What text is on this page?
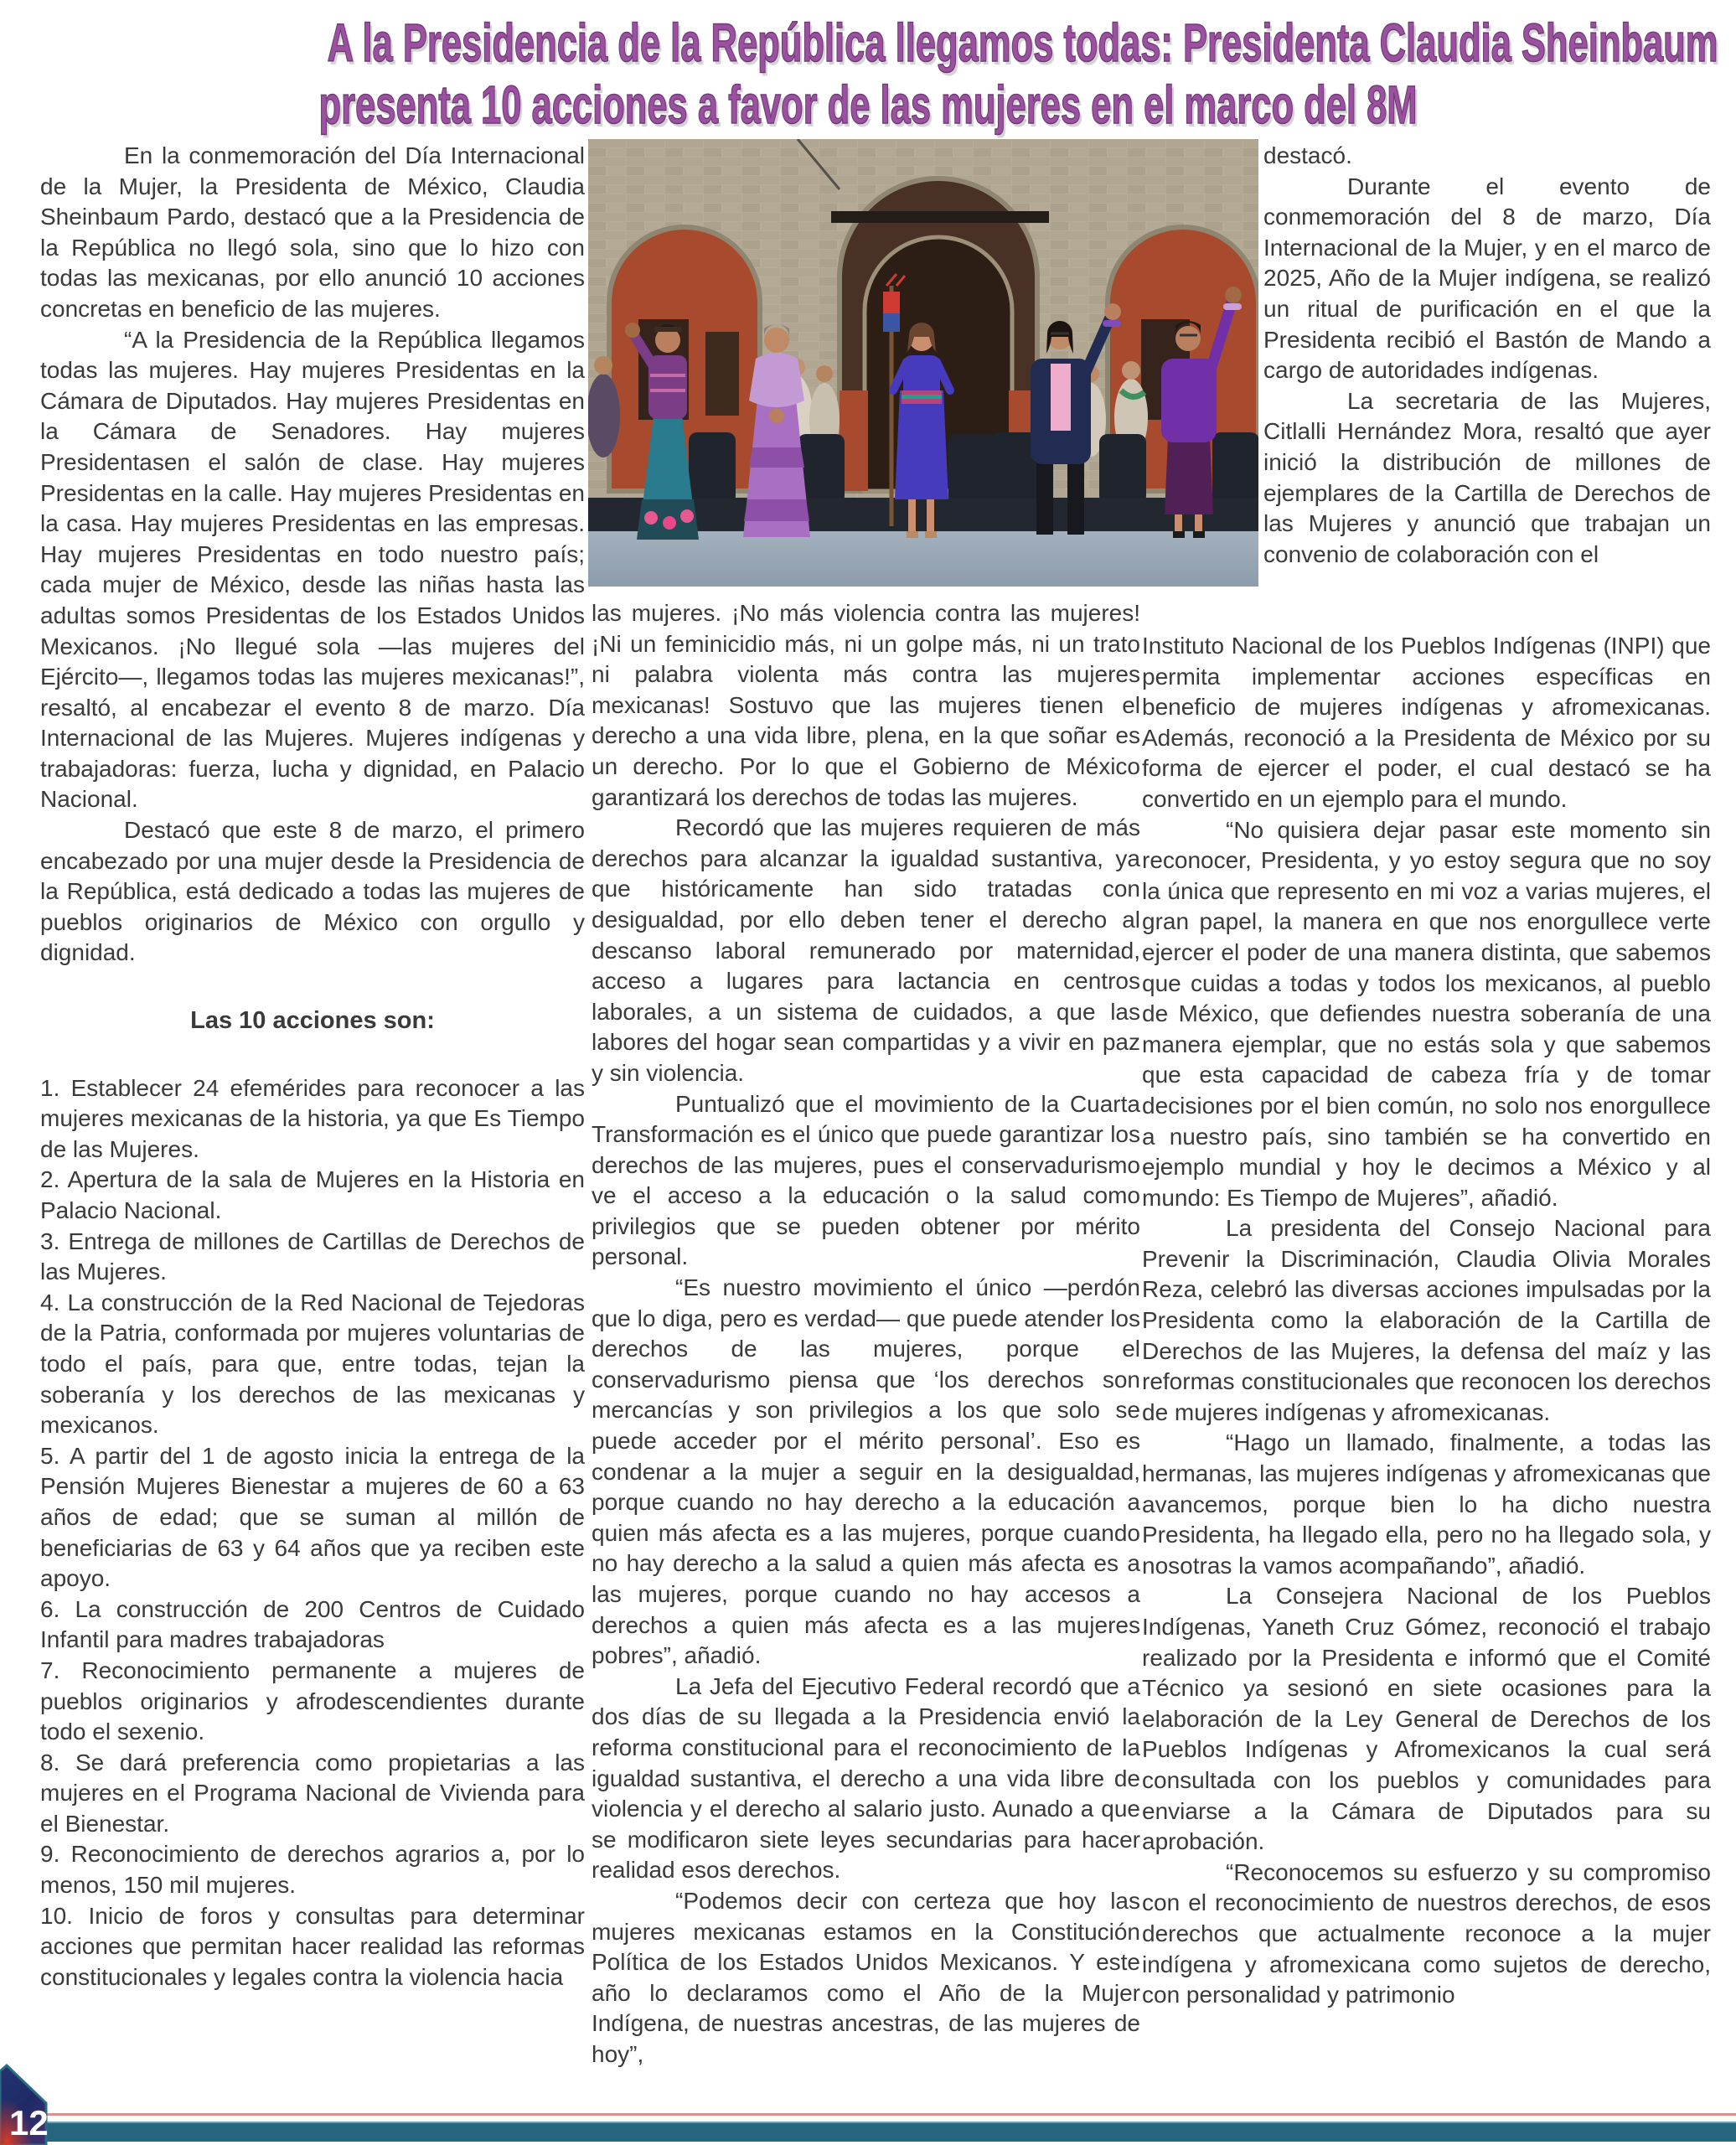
A la Presidencia de la República llegamos todas: Presidenta Claudia Sheinbaum
presenta 10 acciones a favor de las mujeres en el marco del 8M

En la conmemoración del Día Internacional de la Mujer, la Presidenta de México, Claudia Sheinbaum Pardo, destacó que a la Presidencia de la República no llegó sola, sino que lo hizo con todas las mexicanas, por ello anunció 10 acciones concretas en beneficio de las mujeres.

“A la Presidencia de la República llegamos todas las mujeres. Hay mujeres Presidentas en la Cámara de Diputados. Hay mujeres Presidentas en la Cámara de Senadores. Hay mujeres Presidentasen el salón de clase. Hay mujeres Presidentas en la calle. Hay mujeres Presidentas en la casa. Hay mujeres Presidentas en las empresas. Hay mujeres Presidentas en todo nuestro país; cada mujer de México, desde las niñas hasta las adultas somos Presidentas de los Estados Unidos Mexicanos. ¡No llegué sola —las mujeres del Ejército—, llegamos todas las mujeres mexicanas!”, resaltó, al encabezar el evento 8 de marzo. Día Internacional de las Mujeres. Mujeres indígenas y trabajadoras: fuerza, lucha y dignidad, en Palacio Nacional.

Destacó que este 8 de marzo, el primero encabezado por una mujer desde la Presidencia de la República, está dedicado a todas las mujeres de pueblos originarios de México con orgullo y dignidad.

Las 10 acciones son:

1. Establecer 24 efemérides para reconocer a las mujeres mexicanas de la historia, ya que Es Tiempo de las Mujeres.

2. Apertura de la sala de Mujeres en la Historia en Palacio Nacional.

3. Entrega de millones de Cartillas de Derechos de las Mujeres.

4. La construcción de la Red Nacional de Tejedoras de la Patria, conformada por mujeres voluntarias de todo el país, para que, entre todas, tejan la soberanía y los derechos de las mexicanas y mexicanos.

5. A partir del 1 de agosto inicia la entrega de la Pensión Mujeres Bienestar a mujeres de 60 a 63 años de edad; que se suman al millón de beneficiarias de 63 y 64 años que ya reciben este apoyo.

6. La construcción de 200 Centros de Cuidado Infantil para madres trabajadoras

7. Reconocimiento permanente a mujeres de pueblos originarios y afrodescendientes durante todo el sexenio.

8. Se dará preferencia como propietarias a las mujeres en el Programa Nacional de Vivienda para el Bienestar.

9. Reconocimiento de derechos agrarios a, por lo menos, 150 mil mujeres.

10. Inicio de foros y consultas para determinar acciones que permitan hacer realidad las reformas constitucionales y legales contra la violencia hacia

las mujeres. ¡No más violencia contra las mujeres! ¡Ni un feminicidio más, ni un golpe más, ni un trato ni palabra violenta más contra las mujeres mexicanas! Sostuvo que las mujeres tienen el derecho a una vida libre, plena, en la que soñar es un derecho. Por lo que el Gobierno de México garantizará los derechos de todas las mujeres.

Recordó que las mujeres requieren de más derechos para alcanzar la igualdad sustantiva, ya que históricamente han sido tratadas con desigualdad, por ello deben tener el derecho al descanso laboral remunerado por maternidad, acceso a lugares para lactancia en centros laborales, a un sistema de cuidados, a que las labores del hogar sean compartidas y a vivir en paz y sin violencia.

Puntualizó que el movimiento de la Cuarta Transformación es el único que puede garantizar los derechos de las mujeres, pues el conservadurismo ve el acceso a la educación o la salud como privilegios que se pueden obtener por mérito personal.

“Es nuestro movimiento el único —perdón que lo diga, pero es verdad— que puede atender los derechos de las mujeres, porque el conservadurismo piensa que ‘los derechos son mercancías y son privilegios a los que solo se puede acceder por el mérito personal’. Eso es condenar a la mujer a seguir en la desigualdad, porque cuando no hay derecho a la educación a quien más afecta es a las mujeres, porque cuando no hay derecho a la salud a quien más afecta es a las mujeres, porque cuando no hay accesos a derechos a quien más afecta es a las mujeres pobres”, añadió.

La Jefa del Ejecutivo Federal recordó que a dos días de su llegada a la Presidencia envió la reforma constitucional para el reconocimiento de la igualdad sustantiva, el derecho a una vida libre de violencia y el derecho al salario justo. Aunado a que se modificaron siete leyes secundarias para hacer realidad esos derechos.

“Podemos decir con certeza que hoy las mujeres mexicanas estamos en la Constitución Política de los Estados Unidos Mexicanos. Y este año lo declaramos como el Año de la Mujer Indígena, de nuestras ancestras, de las mujeres de hoy”,

destacó.

Durante el evento de conmemoración del 8 de marzo, Día Internacional de la Mujer, y en el marco de 2025, Año de la Mujer indígena, se realizó un ritual de purificación en el que la Presidenta recibió el Bastón de Mando a cargo de autoridades indígenas.

La secretaria de las Mujeres, Citlalli Hernández Mora, resaltó que ayer inició la distribución de millones de ejemplares de la Cartilla de Derechos de las Mujeres y anunció que trabajan un convenio de colaboración con el

Instituto Nacional de los Pueblos Indígenas (INPI) que permita implementar acciones específicas en beneficio de mujeres indígenas y afromexicanas. Además, reconoció a la Presidenta de México por su forma de ejercer el poder, el cual destacó se ha convertido en un ejemplo para el mundo.

“No quisiera dejar pasar este momento sin reconocer, Presidenta, y yo estoy segura que no soy la única que represento en mi voz a varias mujeres, el gran papel, la manera en que nos enorgullece verte ejercer el poder de una manera distinta, que sabemos que cuidas a todas y todos los mexicanos, al pueblo de México, que defiendes nuestra soberanía de una manera ejemplar, que no estás sola y que sabemos que esta capacidad de cabeza fría y de tomar decisiones por el bien común, no solo nos enorgullece a nuestro país, sino también se ha convertido en ejemplo mundial y hoy le decimos a México y al mundo: Es Tiempo de Mujeres”, añadió.

La presidenta del Consejo Nacional para Prevenir la Discriminación, Claudia Olivia Morales Reza, celebró las diversas acciones impulsadas por la Presidenta como la elaboración de la Cartilla de Derechos de las Mujeres, la defensa del maíz y las reformas constitucionales que reconocen los derechos de mujeres indígenas y afromexicanas.

“Hago un llamado, finalmente, a todas las hermanas, las mujeres indígenas y afromexicanas que avancemos, porque bien lo ha dicho nuestra Presidenta, ha llegado ella, pero no ha llegado sola, y nosotras la vamos acompañando”, añadió.

La Consejera Nacional de los Pueblos Indígenas, Yaneth Cruz Gómez, reconoció el trabajo realizado por la Presidenta e informó que el Comité Técnico ya sesionó en siete ocasiones para la elaboración de la Ley General de Derechos de los Pueblos Indígenas y Afromexicanos la cual será consultada con los pueblos y comunidades para enviarse a la Cámara de Diputados para su aprobación.

“Reconocemos su esfuerzo y su compromiso con el reconocimiento de nuestros derechos, de esos derechos que actualmente reconoce a la mujer indígena y afromexicana como sujetos de derecho, con personalidad y patrimonio

12
